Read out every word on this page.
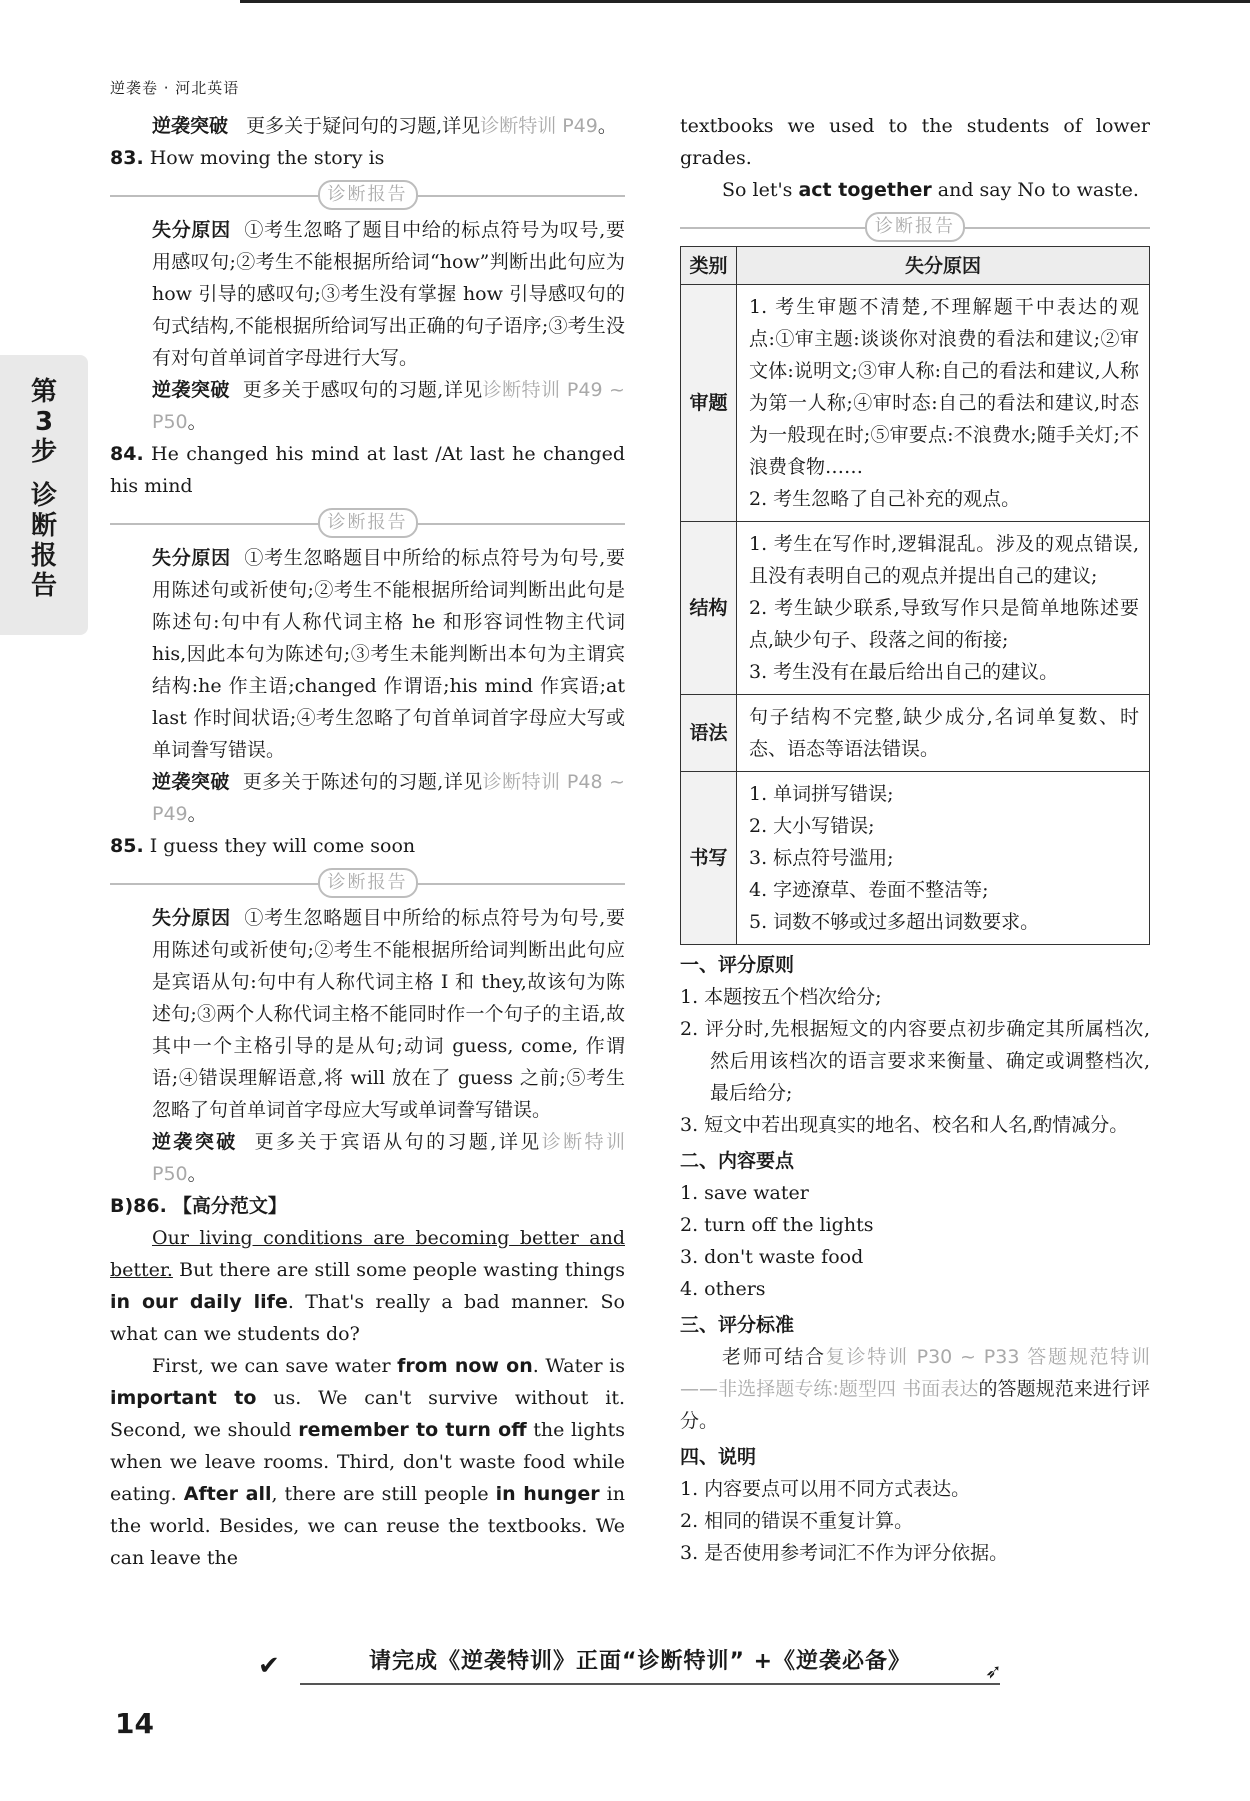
逆袭卷 · 河北英语
第3步
诊断报告
逆袭突破 更多关于疑问句的习题,详见诊断特训 P49。
83. How moving the story is
诊断报告
失分原因 ①考生忽略了题目中给的标点符号为叹号,要用感叹句;②考生不能根据所给词“how”判断出此句应为 how 引导的感叹句;③考生没有掌握 how 引导感叹句的句式结构,不能根据所给词写出正确的句子语序;③考生没有对句首单词首字母进行大写。
逆袭突破 更多关于感叹句的习题,详见诊断特训 P49 ~ P50。
84. He changed his mind at last /At last he changed his mind
诊断报告
失分原因 ①考生忽略题目中所给的标点符号为句号,要用陈述句或祈使句;②考生不能根据所给词判断出此句是陈述句:句中有人称代词主格 he 和形容词性物主代词 his,因此本句为陈述句;③考生未能判断出本句为主谓宾结构:he 作主语;changed 作谓语;his mind 作宾语;at last 作时间状语;④考生忽略了句首单词首字母应大写或单词誊写错误。
逆袭突破 更多关于陈述句的习题,详见诊断特训 P48 ~ P49。
85. I guess they will come soon
诊断报告
失分原因 ①考生忽略题目中所给的标点符号为句号,要用陈述句或祈使句;②考生不能根据所给词判断出此句应是宾语从句:句中有人称代词主格 I 和 they,故该句为陈述句;③两个人称代词主格不能同时作一个句子的主语,故其中一个主格引导的是从句;动词 guess, come, 作谓语;④错误理解语意,将 will 放在了 guess 之前;⑤考生忽略了句首单词首字母应大写或单词誊写错误。
逆袭突破 更多关于宾语从句的习题,详见诊断特训 P50。
B)86. 【高分范文】
Our living conditions are becoming better and better. But there are still some people wasting things in our daily life. That's really a bad manner. So what can we students do?
First, we can save water from now on. Water is important to us. We can't survive without it. Second, we should remember to turn off the lights when we leave rooms. Third, don't waste food while eating. After all, there are still people in hunger in the world. Besides, we can reuse the textbooks. We can leave the
textbooks we used to the students of lower grades.
So let's act together and say No to waste.
诊断报告
类别	失分原因
审题	1. 考生审题不清楚,不理解题干中表达的观点:①审主题:谈谈你对浪费的看法和建议;②审文体:说明文;③审人称:自己的看法和建议,人称为第一人称;④审时态:自己的看法和建议,时态为一般现在时;⑤审要点:不浪费水;随手关灯;不浪费食物……
2. 考生忽略了自己补充的观点。

结构	1. 考生在写作时,逻辑混乱。涉及的观点错误,且没有表明自己的观点并提出自己的建议;
2. 考生缺少联系,导致写作只是简单地陈述要点,缺少句子、段落之间的衔接;
3. 考生没有在最后给出自己的建议。

语法	句子结构不完整,缺少成分,名词单复数、时态、语态等语法错误。

书写	1. 单词拼写错误;
2. 大小写错误;
3. 标点符号滥用;
4. 字迹潦草、卷面不整洁等;
5. 词数不够或过多超出词数要求。
一、评分原则
1. 本题按五个档次给分;
2. 评分时,先根据短文的内容要点初步确定其所属档次,然后用该档次的语言要求来衡量、确定或调整档次,最后给分;
3. 短文中若出现真实的地名、校名和人名,酌情减分。
二、内容要点
1. save water
2. turn off the lights
3. don't waste food
4. others
三、评分标准
老师可结合复诊特训 P30 ~ P33 答题规范特训——非选择题专练:题型四 书面表达的答题规范来进行评分。
四、说明
1. 内容要点可以用不同方式表达。
2. 相同的错误不重复计算。
3. 是否使用参考词汇不作为评分依据。
✔	请完成《逆袭特训》正面“诊断特训” +《逆袭必备》	➶
14
